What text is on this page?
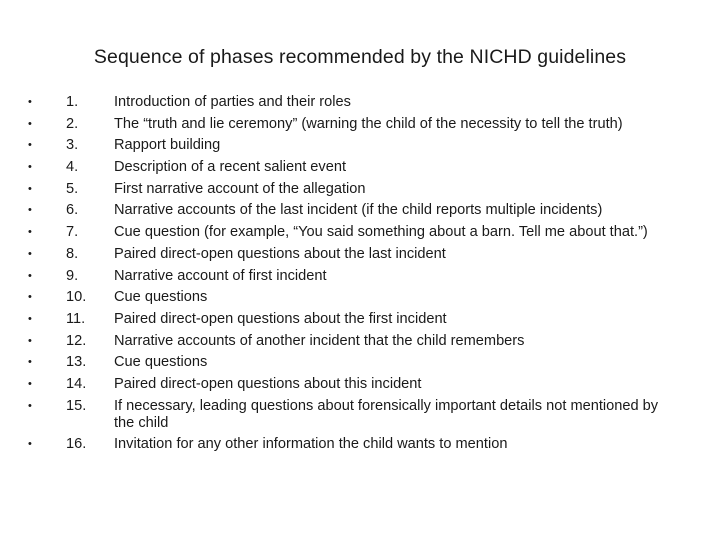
Sequence of phases recommended by the NICHD guidelines
• 1. Introduction of parties and their roles
• 2. The “truth and lie ceremony” (warning the child of the necessity to tell the truth)
• 3. Rapport building
• 4. Description of a recent salient event
• 5. First narrative account of the allegation
• 6. Narrative accounts of the last incident (if the child reports multiple incidents)
• 7. Cue question (for example, “You said something about a barn. Tell me about that.”)
• 8. Paired direct-open questions about the last incident
• 9. Narrative account of first incident
• 10. Cue questions
• 11. Paired direct-open questions about the first incident
• 12. Narrative accounts of another incident that the child remembers
• 13. Cue questions
• 14. Paired direct-open questions about this incident
• 15. If necessary, leading questions about forensically important details not mentioned by the child
• 16. Invitation for any other information the child wants to mention
